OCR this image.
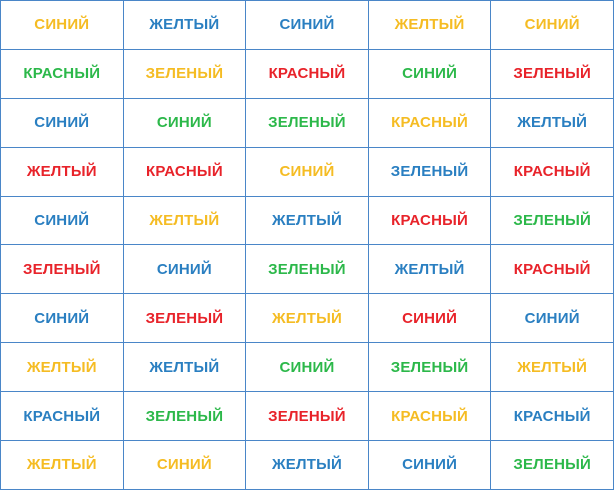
СИНИЙ	ЖЕЛТЫЙ	СИНИЙ	ЖЕЛТЫЙ	СИНИЙ
КРАСНЫЙ	ЗЕЛЕНЫЙ	КРАСНЫЙ	СИНИЙ	ЗЕЛЕНЫЙ
СИНИЙ	СИНИЙ	ЗЕЛЕНЫЙ	КРАСНЫЙ	ЖЕЛТЫЙ
ЖЕЛТЫЙ	КРАСНЫЙ	СИНИЙ	ЗЕЛЕНЫЙ	КРАСНЫЙ
СИНИЙ	ЖЕЛТЫЙ	ЖЕЛТЫЙ	КРАСНЫЙ	ЗЕЛЕНЫЙ
ЗЕЛЕНЫЙ	СИНИЙ	ЗЕЛЕНЫЙ	ЖЕЛТЫЙ	КРАСНЫЙ
СИНИЙ	ЗЕЛЕНЫЙ	ЖЕЛТЫЙ	СИНИЙ	СИНИЙ
ЖЕЛТЫЙ	ЖЕЛТЫЙ	СИНИЙ	ЗЕЛЕНЫЙ	ЖЕЛТЫЙ
КРАСНЫЙ	ЗЕЛЕНЫЙ	ЗЕЛЕНЫЙ	КРАСНЫЙ	КРАСНЫЙ
ЖЕЛТЫЙ	СИНИЙ	ЖЕЛТЫЙ	СИНИЙ	ЗЕЛЕНЫЙ
